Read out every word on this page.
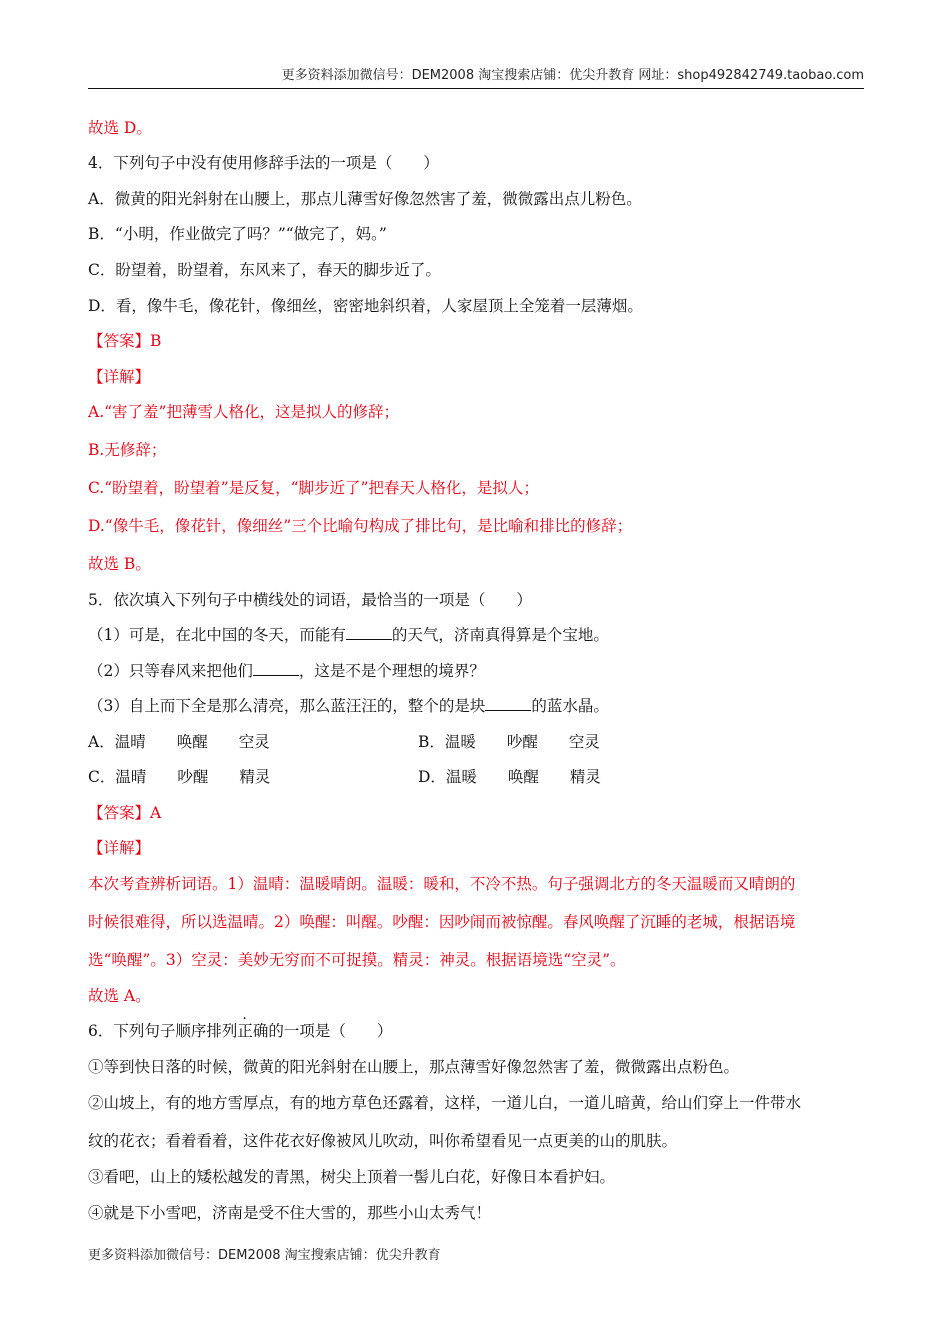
更多资料添加微信号：DEM2008 淘宝搜索店铺：优尖升教育 网址：shop492842749.taobao.com
故选 D。
4．下列句子中没有使用修辞手法的一项是（　　）
A．微黄的阳光斜射在山腰上，那点儿薄雪好像忽然害了羞，微微露出点儿粉色。
B．“小明，作业做完了吗？”“做完了，妈。”
C．盼望着，盼望着，东风来了，春天的脚步近了。
D．看，像牛毛，像花针，像细丝，密密地斜织着，人家屋顶上全笼着一层薄烟。
【答案】B
【详解】
A.“害了羞”把薄雪人格化，这是拟人的修辞；
B.无修辞；
C.“盼望着，盼望着”是反复，“脚步近了”把春天人格化，是拟人；
D.“像牛毛，像花针，像细丝”三个比喻句构成了排比句，是比喻和排比的修辞；
故选 B。
5．依次填入下列句子中横线处的词语，最恰当的一项是（　　）
（1）可是，在北中国的冬天，而能有	的天气，济南真得算是个宝地。
（2）只等春风来把他们	，这是不是个理想的境界？
（3）自上而下全是那么清亮，那么蓝汪汪的，整个的是块	的蓝水晶。
A．温晴　　唤醒　　空灵	B．温暖　　吵醒　　空灵
C．温晴　　吵醒　　精灵	D．温暖　　唤醒　　精灵
【答案】A
【详解】
本次考查辨析词语。1）温晴：温暖晴朗。温暖：暖和，不冷不热。句子强调北方的冬天温暖而又晴朗的
时候很难得，所以选温晴。2）唤醒：叫醒。吵醒：因吵闹而被惊醒。春风唤醒了沉睡的老城，根据语境
选“唤醒”。3）空灵：美妙无穷而不可捉摸。精灵：神灵。根据语境选“空灵”。
故选 A。
6．下列句子顺序排列正确的一项是（　　）
①等到快日落的时候，微黄的阳光斜射在山腰上，那点薄雪好像忽然害了羞，微微露出点粉色。
②山坡上，有的地方雪厚点，有的地方草色还露着，这样，一道儿白，一道儿暗黄，给山们穿上一件带水
纹的花衣；看着看着，这件花衣好像被风儿吹动，叫你希望看见一点更美的山的肌肤。
③看吧，山上的矮松越发的青黑，树尖上顶着一髻儿白花，好像日本看护妇。
④就是下小雪吧，济南是受不住大雪的，那些小山太秀气！
更多资料添加微信号：DEM2008 淘宝搜索店铺：优尖升教育
